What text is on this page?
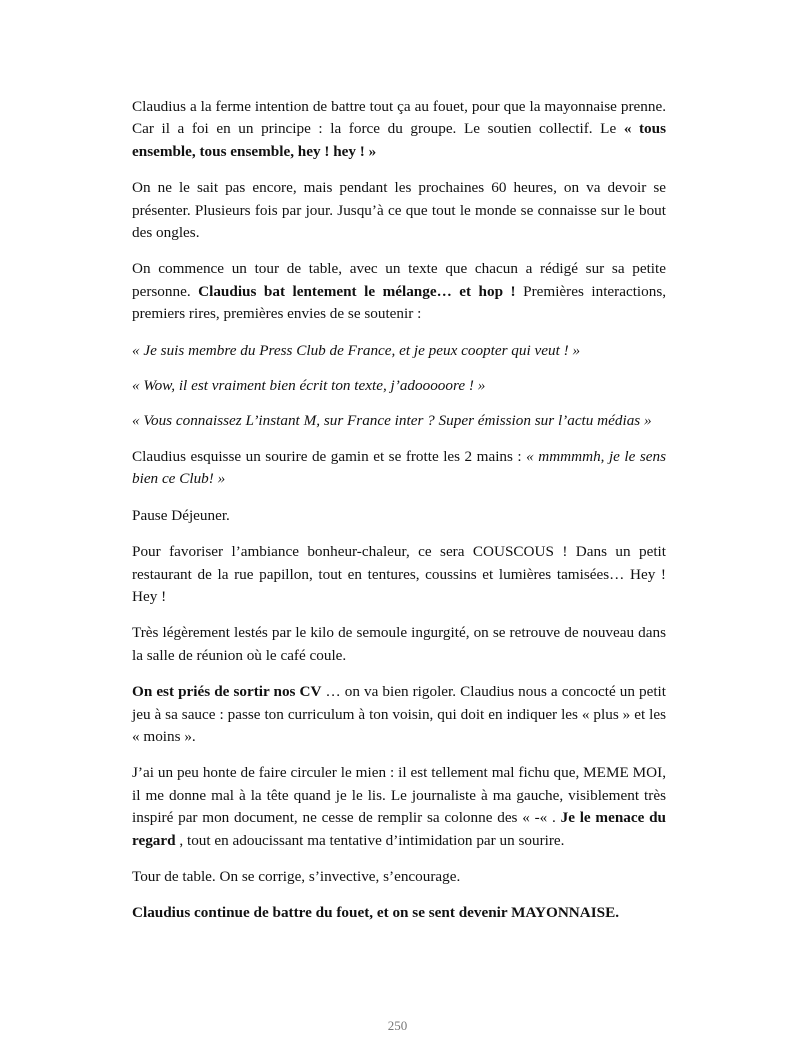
Claudius a la ferme intention de battre tout ça au fouet, pour que la mayonnaise prenne. Car il a foi en un principe : la force du groupe. Le soutien collectif. Le « tous ensemble, tous ensemble, hey ! hey ! »

On ne le sait pas encore, mais pendant les prochaines 60 heures, on va devoir se présenter. Plusieurs fois par jour. Jusqu’à ce que tout le monde se connaisse sur le bout des ongles.

On commence un tour de table, avec un texte que chacun a rédigé sur sa petite personne. Claudius bat lentement le mélange… et hop ! Premières interactions, premiers rires, premières envies de se soutenir :

« Je suis membre du Press Club de France, et je peux coopter qui veut ! »

« Wow, il est vraiment bien écrit ton texte, j’adooooore ! »

« Vous connaissez L’instant M, sur France inter ? Super émission sur l’actu médias »

Claudius esquisse un sourire de gamin et se frotte les 2 mains : « mmmmmh, je le sens bien ce Club! »

Pause Déjeuner.

Pour favoriser l’ambiance bonheur-chaleur, ce sera COUSCOUS ! Dans un petit restaurant de la rue papillon, tout en tentures, coussins et lumières tamisées… Hey ! Hey !

Très légèrement lestés par le kilo de semoule ingurgité, on se retrouve de nouveau dans la salle de réunion où le café coule.

On est priés de sortir nos CV … on va bien rigoler. Claudius nous a concocté un petit jeu à sa sauce : passe ton curriculum à ton voisin, qui doit en indiquer les « plus » et les « moins ».

J’ai un peu honte de faire circuler le mien : il est tellement mal fichu que, MEME MOI, il me donne mal à la tête quand je le lis. Le journaliste à ma gauche, visiblement très inspiré par mon document, ne cesse de remplir sa colonne des « -« . Je le menace du regard , tout en adoucissant ma tentative d’intimidation par un sourire.

Tour de table. On se corrige, s’invective, s’encourage.

Claudius continue de battre du fouet, et on se sent devenir MAYONNAISE.

250
